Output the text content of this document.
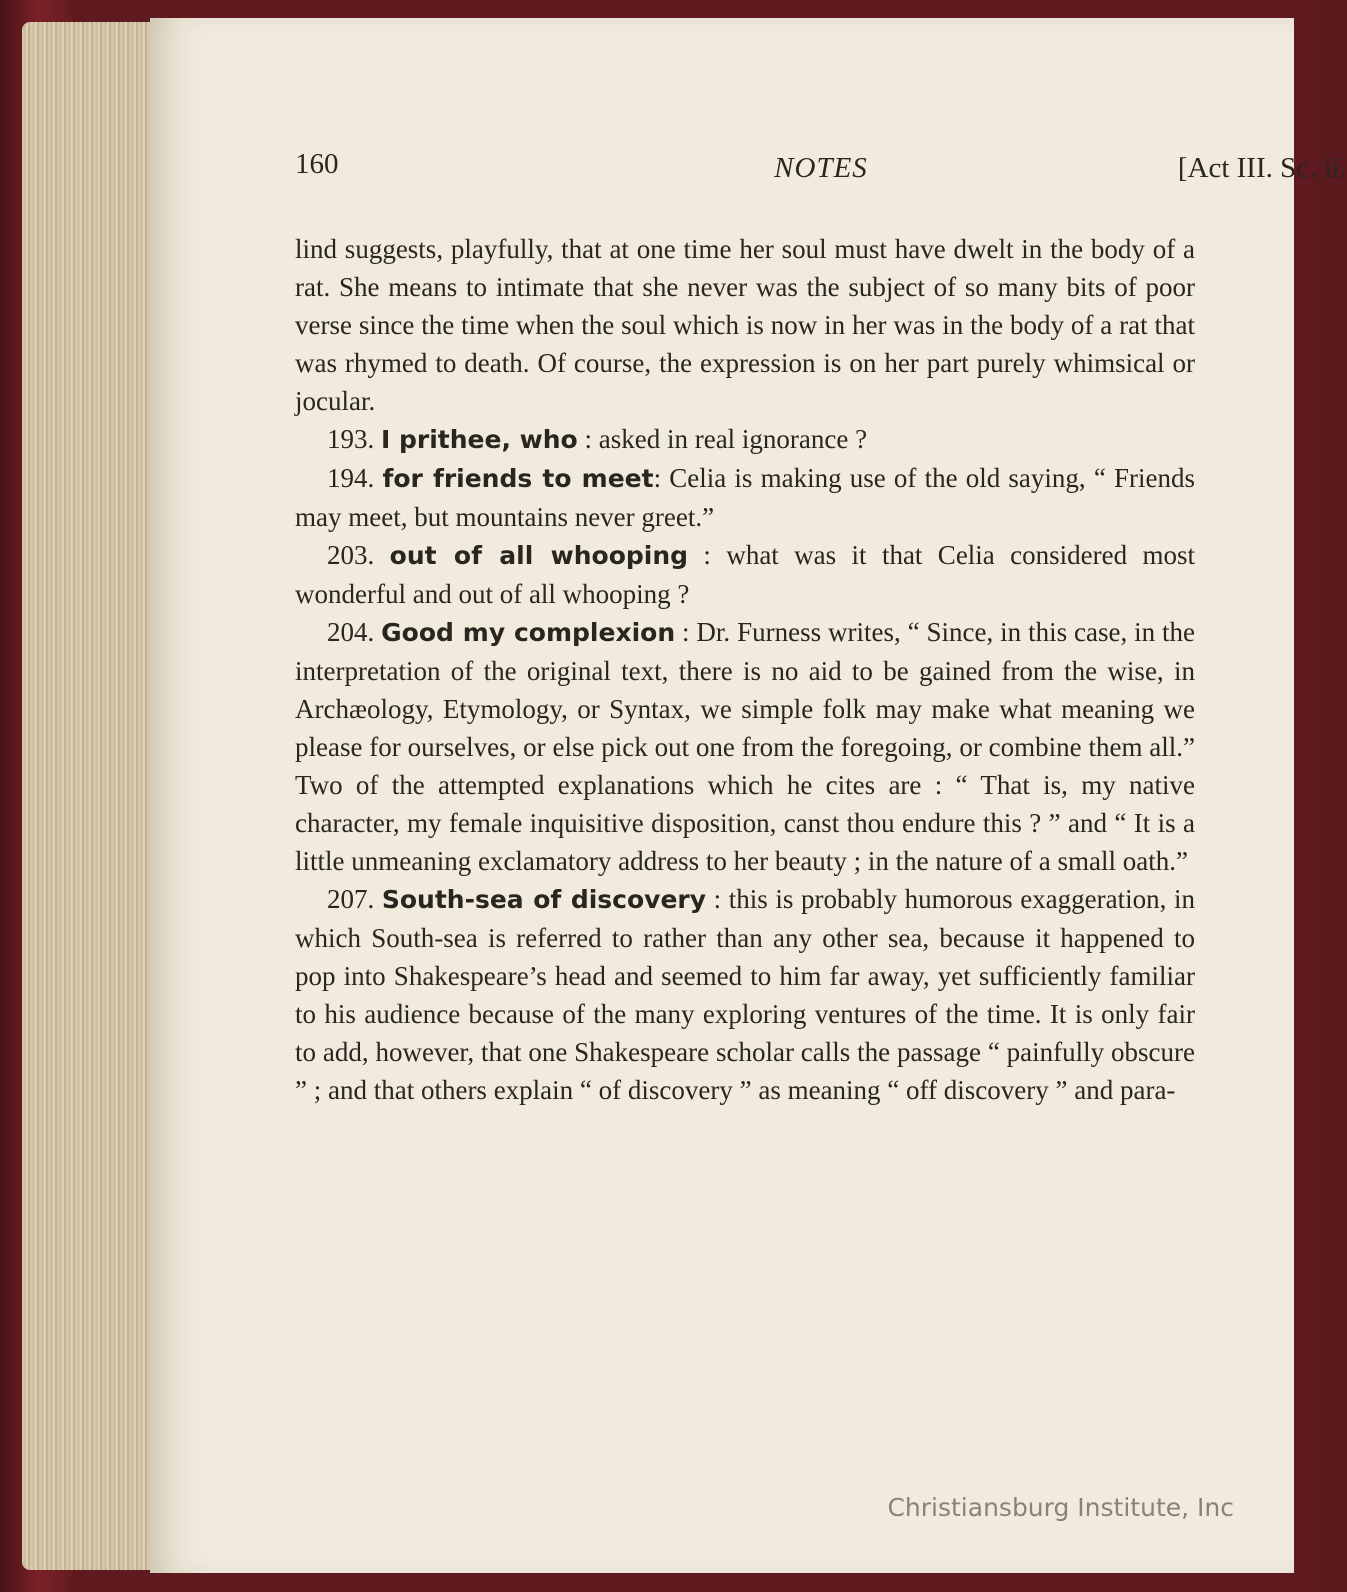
160	NOTES	[Act III. Sc. ii.

lind suggests, playfully, that at one time her soul must have dwelt in the body of a rat. She means to intimate that she never was the subject of so many bits of poor verse since the time when the soul which is now in her was in the body of a rat that was rhymed to death. Of course, the expression is on her part purely whimsical or jocular.

193. I prithee, who : asked in real ignorance ?

194. for friends to meet: Celia is making use of the old saying, “ Friends may meet, but mountains never greet.”

203. out of all whooping : what was it that Celia considered most wonderful and out of all whooping ?

204. Good my complexion : Dr. Furness writes, “ Since, in this case, in the interpretation of the original text, there is no aid to be gained from the wise, in Archæology, Etymology, or Syntax, we simple folk may make what meaning we please for ourselves, or else pick out one from the foregoing, or combine them all.” Two of the attempted explanations which he cites are : “ That is, my native character, my female inquisitive disposition, canst thou endure this ? ” and “ It is a little unmeaning exclamatory address to her beauty ; in the nature of a small oath.”

207. South-sea of discovery : this is probably humorous exaggeration, in which South-sea is referred to rather than any other sea, because it happened to pop into Shakespeare’s head and seemed to him far away, yet sufficiently familiar to his audience because of the many exploring ventures of the time. It is only fair to add, however, that one Shakespeare scholar calls the passage “ painfully obscure ” ; and that others explain “ of discovery ” as meaning “ off discovery ” and para-

Christiansburg Institute, Inc
